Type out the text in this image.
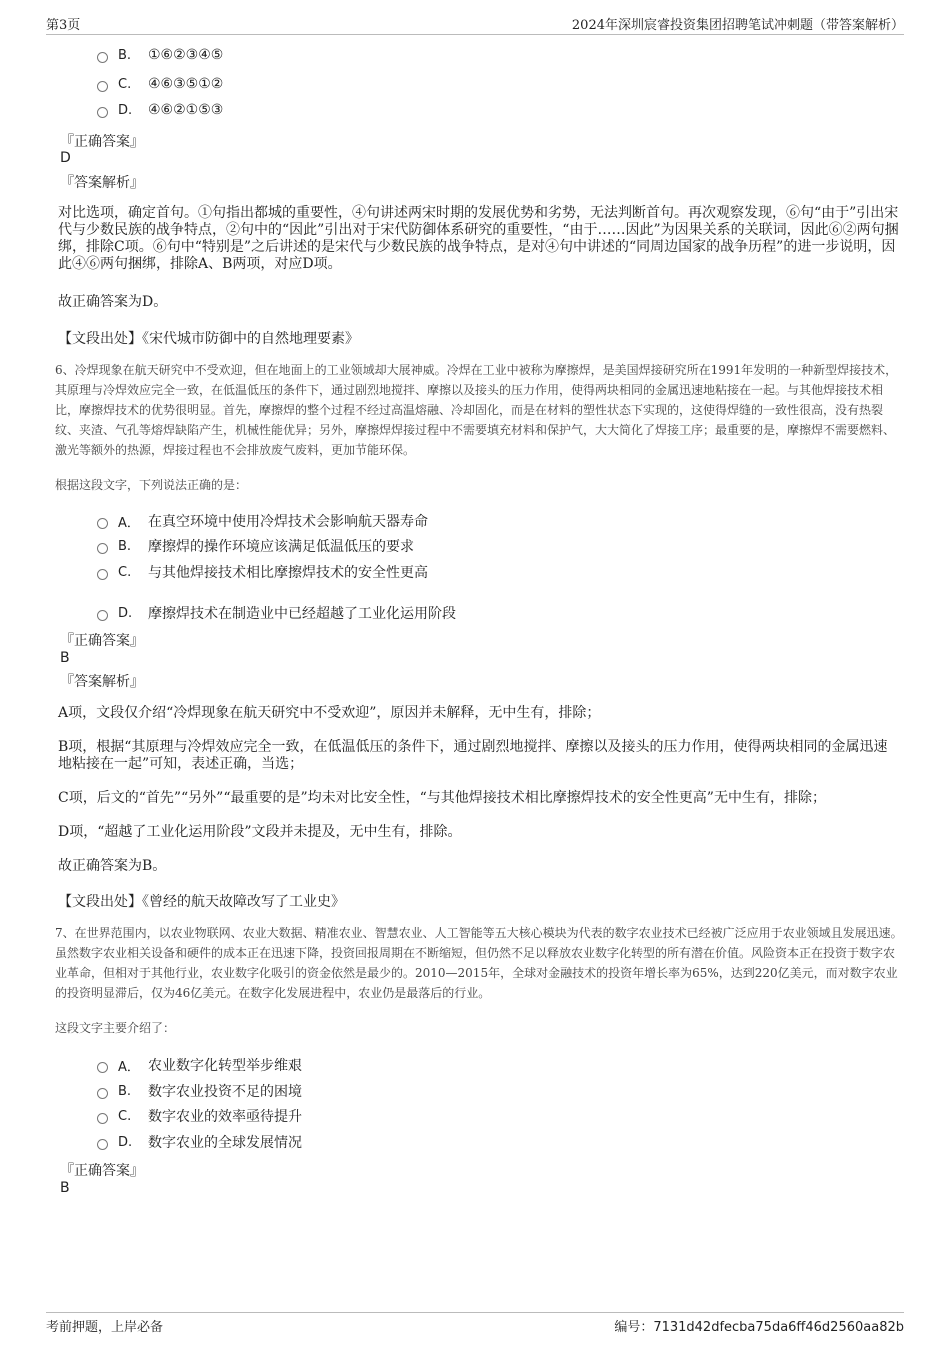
第3页	2024年深圳宸睿投资集团招聘笔试冲刺题（带答案解析）
B.	①⑥②③④⑤
C.	④⑥③⑤①②
D.	④⑥②①⑤③
『正确答案』
D
『答案解析』
对比选项，确定首句。①句指出都城的重要性，④句讲述两宋时期的发展优势和劣势，无法判断首句。再次观察发现，⑥句“由于”引出宋代与少数民族的战争特点，②句中的“因此”引出对于宋代防御体系研究的重要性，“由于……因此”为因果关系的关联词，因此⑥②两句捆绑，排除C项。⑥句中“特别是”之后讲述的是宋代与少数民族的战争特点，是对④句中讲述的“同周边国家的战争历程”的进一步说明，因此④⑥两句捆绑，排除A、B两项，对应D项。
故正确答案为D。
【文段出处】《宋代城市防御中的自然地理要素》
6、冷焊现象在航天研究中不受欢迎，但在地面上的工业领域却大展神威。冷焊在工业中被称为摩擦焊，是美国焊接研究所在1991年发明的一种新型焊接技术，其原理与冷焊效应完全一致，在低温低压的条件下，通过剧烈地搅拌、摩擦以及接头的压力作用，使得两块相同的金属迅速地粘接在一起。与其他焊接技术相比，摩擦焊技术的优势很明显。首先，摩擦焊的整个过程不经过高温熔融、冷却固化，而是在材料的塑性状态下实现的，这使得焊缝的一致性很高，没有热裂纹、夹渣、气孔等熔焊缺陷产生，机械性能优异；另外，摩擦焊焊接过程中不需要填充材料和保护气，大大简化了焊接工序；最重要的是，摩擦焊不需要燃料、激光等额外的热源，焊接过程也不会排放废气废料，更加节能环保。
根据这段文字，下列说法正确的是：
A． 在真空环境中使用冷焊技术会影响航天器寿命
B.	摩擦焊的操作环境应该满足低温低压的要求
C.	与其他焊接技术相比摩擦焊技术的安全性更高
D.	摩擦焊技术在制造业中已经超越了工业化运用阶段
『正确答案』
B
『答案解析』
A项，文段仅介绍“冷焊现象在航天研究中不受欢迎”，原因并未解释，无中生有，排除；
B项，根据“其原理与冷焊效应完全一致，在低温低压的条件下，通过剧烈地搅拌、摩擦以及接头的压力作用，使得两块相同的金属迅速地粘接在一起”可知，表述正确，当选；
C项，后文的“首先”“另外”“最重要的是”均未对比安全性，“与其他焊接技术相比摩擦焊技术的安全性更高”无中生有，排除；
D项，“超越了工业化运用阶段”文段并未提及，无中生有，排除。
故正确答案为B。
【文段出处】《曾经的航天故障改写了工业史》
7、在世界范围内，以农业物联网、农业大数据、精准农业、智慧农业、人工智能等五大核心模块为代表的数字农业技术已经被广泛应用于农业领域且发展迅速。虽然数字农业相关设备和硬件的成本正在迅速下降，投资回报周期在不断缩短，但仍然不足以释放农业数字化转型的所有潜在价值。风险资本正在投资于数字农业革命，但相对于其他行业，农业数字化吸引的资金依然是最少的。2010—2015年，全球对金融技术的投资年增长率为65%，达到220亿美元，而对数字农业的投资明显滞后，仅为46亿美元。在数字化发展进程中，农业仍是最落后的行业。
这段文字主要介绍了：
A． 农业数字化转型举步维艰
B.	数字农业投资不足的困境
C.	数字农业的效率亟待提升
D.	数字农业的全球发展情况
『正确答案』
B
考前押题，上岸必备	编号：7131d42dfecba75da6ff46d2560aa82b
